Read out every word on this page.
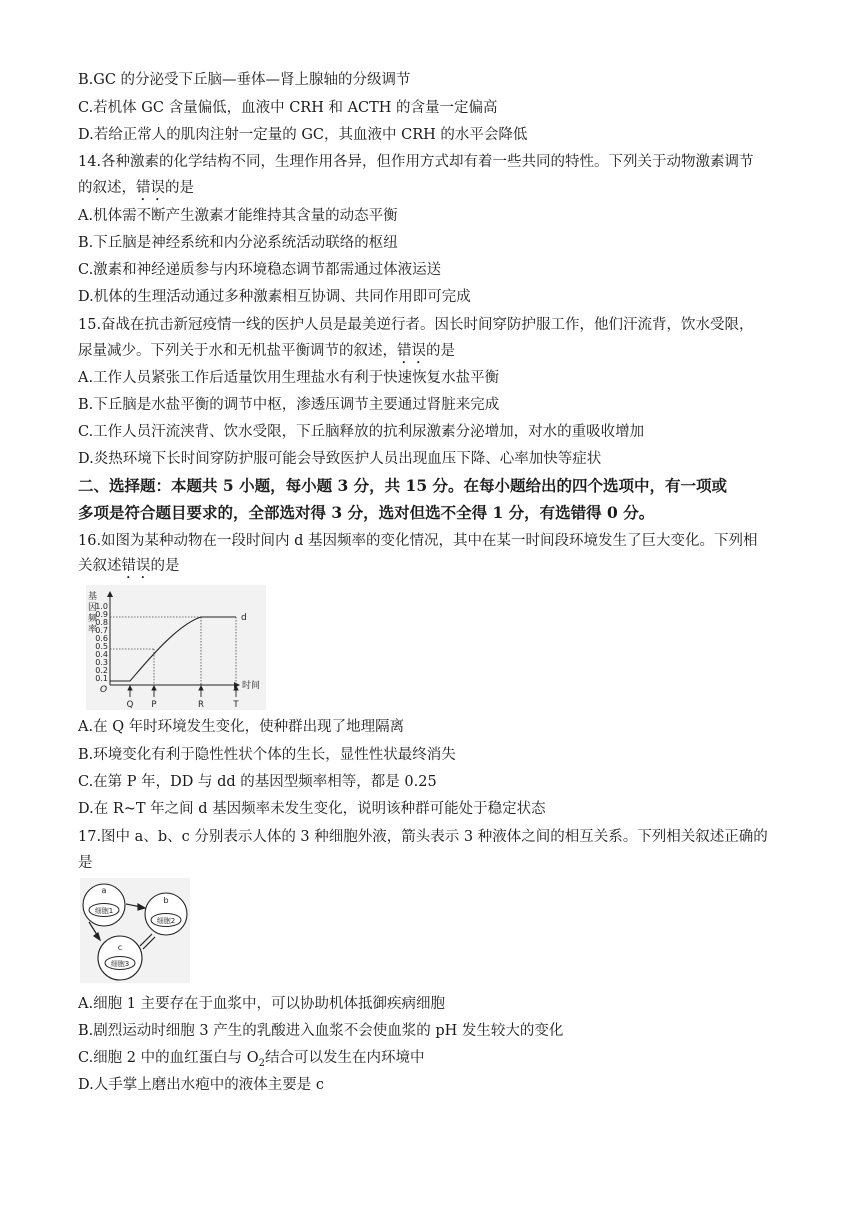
B.GC 的分泌受下丘脑—垂体—肾上腺轴的分级调节
C.若机体 GC 含量偏低，血液中 CRH 和 ACTH 的含量一定偏高
D.若给正常人的肌肉注射一定量的 GC，其血液中 CRH 的水平会降低
14.各种激素的化学结构不同，生理作用各异，但作用方式却有着一些共同的特性。下列关于动物激素调节
的叙述，错误的是
A.机体需不断产生激素才能维持其含量的动态平衡
B.下丘脑是神经系统和内分泌系统活动联络的枢纽
C.激素和神经递质参与内环境稳态调节都需通过体液运送
D.机体的生理活动通过多种激素相互协调、共同作用即可完成
15.奋战在抗击新冠疫情一线的医护人员是最美逆行者。因长时间穿防护服工作，他们汗流背，饮水受限，
尿量减少。下列关于水和无机盐平衡调节的叙述，错误的是
A.工作人员紧张工作后适量饮用生理盐水有利于快速恢复水盐平衡
B.下丘脑是水盐平衡的调节中枢，渗透压调节主要通过肾脏来完成
C.工作人员汗流浃背、饮水受限，下丘脑释放的抗利尿激素分泌增加，对水的重吸收增加
D.炎热环境下长时间穿防护服可能会导致医护人员出现血压下降、心率加快等症状
二、选择题：本题共 5 小题，每小题 3 分，共 15 分。在每小题给出的四个选项中，有一项或
多项是符合题目要求的，全部选对得 3 分，选对但选不全得 1 分，有选错得 0 分。
16.如图为某种动物在一段时间内 d 基因频率的变化情况，其中在某一时间段环境发生了巨大变化。下列相
关叙述错误的是
基
因
频
率
1.0
0.9
0.8
0.7
0.6
0.5
0.4
0.3
0.2
0.1
O	时间
d
Q P	R	T
A.在 Q 年时环境发生变化，使种群出现了地理隔离
B.环境变化有利于隐性性状个体的生长，显性性状最终消失
C.在第 P 年，DD 与 dd 的基因型频率相等，都是 0.25
D.在 R~T 年之间 d 基因频率未发生变化，说明该种群可能处于稳定状态
17.图中 a、b、c 分别表示人体的 3 种细胞外液，箭头表示 3 种液体之间的相互关系。下列相关叙述正确的
是
a
细胞1
b
细胞2
c
细胞3
A.细胞 1 主要存在于血浆中，可以协助机体抵御疾病细胞
B.剧烈运动时细胞 3 产生的乳酸进入血浆不会使血浆的 pH 发生较大的变化
C.细胞 2 中的血红蛋白与 $O_2$结合可以发生在内环境中
D.人手掌上磨出水疱中的液体主要是 c
